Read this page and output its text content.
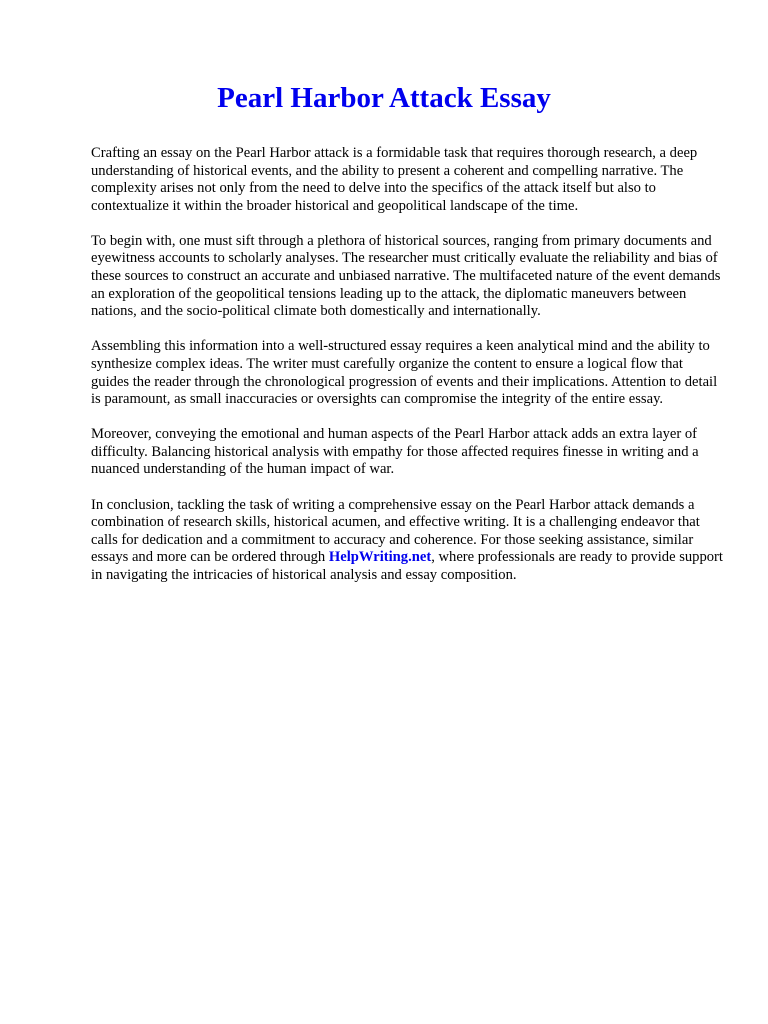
Pearl Harbor Attack Essay

Crafting an essay on the Pearl Harbor attack is a formidable task that requires thorough research, a deep understanding of historical events, and the ability to present a coherent and compelling narrative. The complexity arises not only from the need to delve into the specifics of the attack itself but also to contextualize it within the broader historical and geopolitical landscape of the time.

To begin with, one must sift through a plethora of historical sources, ranging from primary documents and eyewitness accounts to scholarly analyses. The researcher must critically evaluate the reliability and bias of these sources to construct an accurate and unbiased narrative. The multifaceted nature of the event demands an exploration of the geopolitical tensions leading up to the attack, the diplomatic maneuvers between nations, and the socio-political climate both domestically and internationally.

Assembling this information into a well-structured essay requires a keen analytical mind and the ability to synthesize complex ideas. The writer must carefully organize the content to ensure a logical flow that guides the reader through the chronological progression of events and their implications. Attention to detail is paramount, as small inaccuracies or oversights can compromise the integrity of the entire essay.

Moreover, conveying the emotional and human aspects of the Pearl Harbor attack adds an extra layer of difficulty. Balancing historical analysis with empathy for those affected requires finesse in writing and a nuanced understanding of the human impact of war.

In conclusion, tackling the task of writing a comprehensive essay on the Pearl Harbor attack demands a combination of research skills, historical acumen, and effective writing. It is a challenging endeavor that calls for dedication and a commitment to accuracy and coherence. For those seeking assistance, similar essays and more can be ordered through HelpWriting.net, where professionals are ready to provide support in navigating the intricacies of historical analysis and essay composition.
